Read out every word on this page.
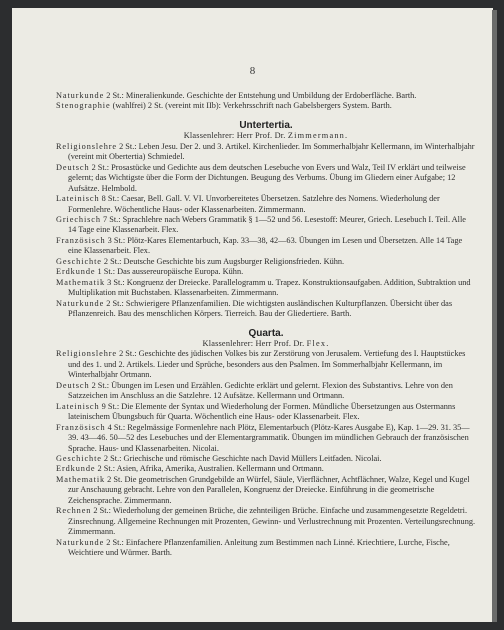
8
Naturkunde 2 St.: Mineralienkunde. Geschichte der Entstehung und Umbildung der Erdoberfläche. Barth.
Stenographie (wahlfrei) 2 St. (vereint mit IIb): Verkehrsschrift nach Gabelsbergers System. Barth.
Untertertia.
Klassenlehrer: Herr Prof. Dr. Zimmermann.
Religionslehre 2 St.: Leben Jesu. Der 2. und 3. Artikel. Kirchenlieder. Im Sommerhalbjahr Kellermann, im Winterhalbjahr (vereint mit Obertertia) Schmiedel.
Deutsch 2 St.: Prosastücke und Gedichte aus dem deutschen Lesebuche von Evers und Walz, Teil IV erklärt und teilweise gelernt; das Wichtigste über die Form der Dichtungen. Beugung des Verbums. Übung im Gliedern einer Aufgabe; 12 Aufsätze. Helmbold.
Lateinisch 8 St.: Caesar, Bell. Gall. V. VI. Unvorbereitetes Übersetzen. Satzlehre des Nomens. Wiederholung der Formenlehre. Wöchentliche Haus- oder Klassenarbeiten. Zimmermann.
Griechisch 7 St.: Sprachlehre nach Webers Grammatik § 1—52 und 56. Lesestoff: Meurer, Griech. Lesebuch I. Teil. Alle 14 Tage eine Klassenarbeit. Flex.
Französisch 3 St.: Plötz-Kares Elementarbuch, Kap. 33—38, 42—63. Übungen im Lesen und Übersetzen. Alle 14 Tage eine Klassenarbeit. Flex.
Geschichte 2 St.: Deutsche Geschichte bis zum Augsburger Religionsfrieden. Kühn.
Erdkunde 1 St.: Das aussereuropäische Europa. Kühn.
Mathematik 3 St.: Kongruenz der Dreiecke. Parallelogramm u. Trapez. Konstruktionsaufgaben. Addition, Subtraktion und Multiplikation mit Buchstaben. Klassenarbeiten. Zimmermann.
Naturkunde 2 St.: Schwierigere Pflanzenfamilien. Die wichtigsten ausländischen Kulturpflanzen. Übersicht über das Pflanzenreich. Bau des menschlichen Körpers. Tierreich. Bau der Gliedertiere. Barth.
Quarta.
Klassenlehrer: Herr Prof. Dr. Flex.
Religionslehre 2 St.: Geschichte des jüdischen Volkes bis zur Zerstörung von Jerusalem. Vertiefung des I. Hauptstückes und des 1. und 2. Artikels. Lieder und Sprüche, besonders aus den Psalmen. Im Sommerhalbjahr Kellermann, im Winterhalbjahr Ortmann.
Deutsch 2 St.: Übungen im Lesen und Erzählen. Gedichte erklärt und gelernt. Flexion des Substantivs. Lehre von den Satzzeichen im Anschluss an die Satzlehre. 12 Aufsätze. Kellermann und Ortmann.
Lateinisch 9 St.: Die Elemente der Syntax und Wiederholung der Formen. Mündliche Übersetzungen aus Ostermanns lateinischem Übungsbuch für Quarta. Wöchentlich eine Haus- oder Klassenarbeit. Flex.
Französisch 4 St.: Regelmässige Formenlehre nach Plötz, Elementarbuch (Plötz-Kares Ausgabe E), Kap. 1—29. 31. 35—39. 43—46. 50—52 des Lesebuches und der Elementargrammatik. Übungen im mündlichen Gebrauch der französischen Sprache. Haus- und Klassenarbeiten. Nicolai.
Geschichte 2 St.: Griechische und römische Geschichte nach David Müllers Leitfaden. Nicolai.
Erdkunde 2 St.: Asien, Afrika, Amerika, Australien. Kellermann und Ortmann.
Mathematik 2 St. Die geometrischen Grundgebilde an Würfel, Säule, Vierflächner, Achtflächner, Walze, Kegel und Kugel zur Anschauung gebracht. Lehre von den Parallelen, Kongruenz der Dreiecke. Einführung in die geometrische Zeichensprache. Zimmermann.
Rechnen 2 St.: Wiederholung der gemeinen Brüche, die zehnteiligen Brüche. Einfache und zusammengesetzte Regeldetri. Zinsrechnung. Allgemeine Rechnungen mit Prozenten, Gewinn- und Verlustrechnung mit Prozenten. Verteilungsrechnung. Zimmermann.
Naturkunde 2 St.: Einfachere Pflanzenfamilien. Anleitung zum Bestimmen nach Linné. Kriechtiere, Lurche, Fische, Weichtiere und Würmer. Barth.
